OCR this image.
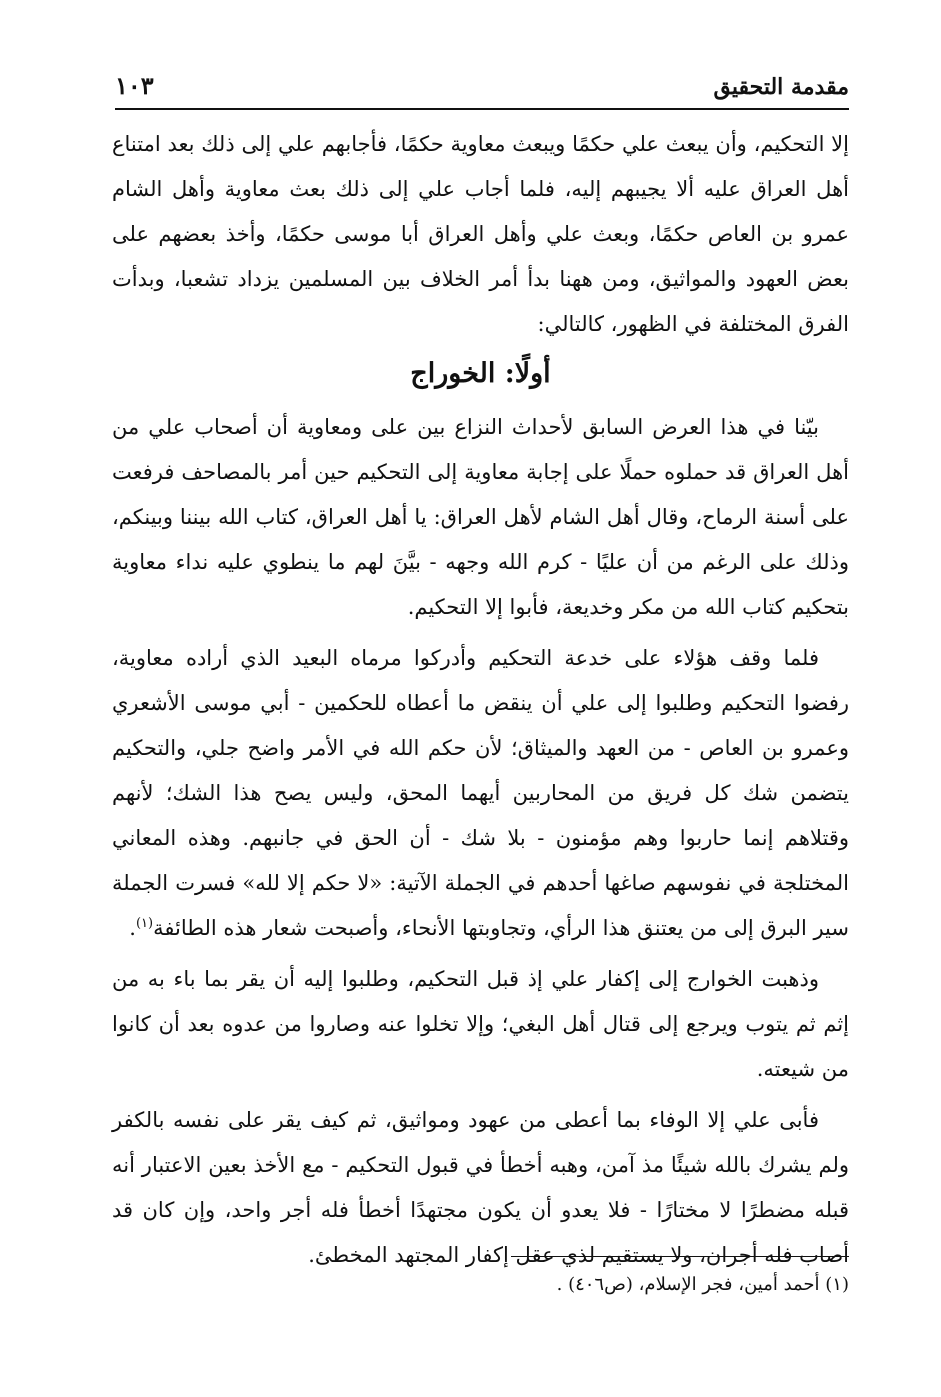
مقدمة التحقيق
١٠٣

إلا التحكيم، وأن يبعث علي حكمًا ويبعث معاوية حكمًا، فأجابهم علي إلى ذلك بعد امتناع أهل العراق عليه ألا يجيبهم إليه، فلما أجاب علي إلى ذلك بعث معاوية وأهل الشام عمرو بن العاص حكمًا، وبعث علي وأهل العراق أبا موسى حكمًا، وأخذ بعضهم على بعض العهود والمواثيق، ومن ههنا بدأ أمر الخلاف بين المسلمين يزداد تشعبا، وبدأت الفرق المختلفة في الظهور، كالتالي:

أولًا: الخوراج

بيّنا في هذا العرض السابق لأحداث النزاع بين على ومعاوية أن أصحاب علي من أهل العراق قد حملوه حملًا على إجابة معاوية إلى التحكيم حين أمر بالمصاحف فرفعت على أسنة الرماح، وقال أهل الشام لأهل العراق: يا أهل العراق، كتاب الله بيننا وبينكم، وذلك على الرغم من أن عليًا - كرم الله وجهه - بيَّنَ لهم ما ينطوي عليه نداء معاوية بتحكيم كتاب الله من مكر وخديعة، فأبوا إلا التحكيم.

فلما وقف هؤلاء على خدعة التحكيم وأدركوا مرماه البعيد الذي أراده معاوية، رفضوا التحكيم وطلبوا إلى علي أن ينقض ما أعطاه للحكمين - أبي موسى الأشعري وعمرو بن العاص - من العهد والميثاق؛ لأن حكم الله في الأمر واضح جلي، والتحكيم يتضمن شك كل فريق من المحاربين أيهما المحق، وليس يصح هذا الشك؛ لأنهم وقتلاهم إنما حاربوا وهم مؤمنون - بلا شك - أن الحق في جانبهم. وهذه المعاني المختلجة في نفوسهم صاغها أحدهم في الجملة الآتية: «لا حكم إلا لله» فسرت الجملة سير البرق إلى من يعتنق هذا الرأي، وتجاوبتها الأنحاء، وأصبحت شعار هذه الطائفة$^{(١)}$.

وذهبت الخوارج إلى إكفار علي إذ قبل التحكيم، وطلبوا إليه أن يقر بما باء به من إثم ثم يتوب ويرجع إلى قتال أهل البغي؛ وإلا تخلوا عنه وصاروا من عدوه بعد أن كانوا من شيعته.

فأبى علي إلا الوفاء بما أعطى من عهود ومواثيق، ثم كيف يقر على نفسه بالكفر ولم يشرك بالله شيئًا مذ آمن، وهبه أخطأ في قبول التحكيم - مع الأخذ بعين الاعتبار أنه قبله مضطرًا لا مختارًا - فلا يعدو أن يكون مجتهدًا أخطأ فله أجر واحد، وإن كان قد أصاب فله أجران، ولا يستقيم لذي عقل إكفار المجتهد المخطئ.

(١) أحمد أمين، فجر الإسلام، (ص٤٠٦) .
